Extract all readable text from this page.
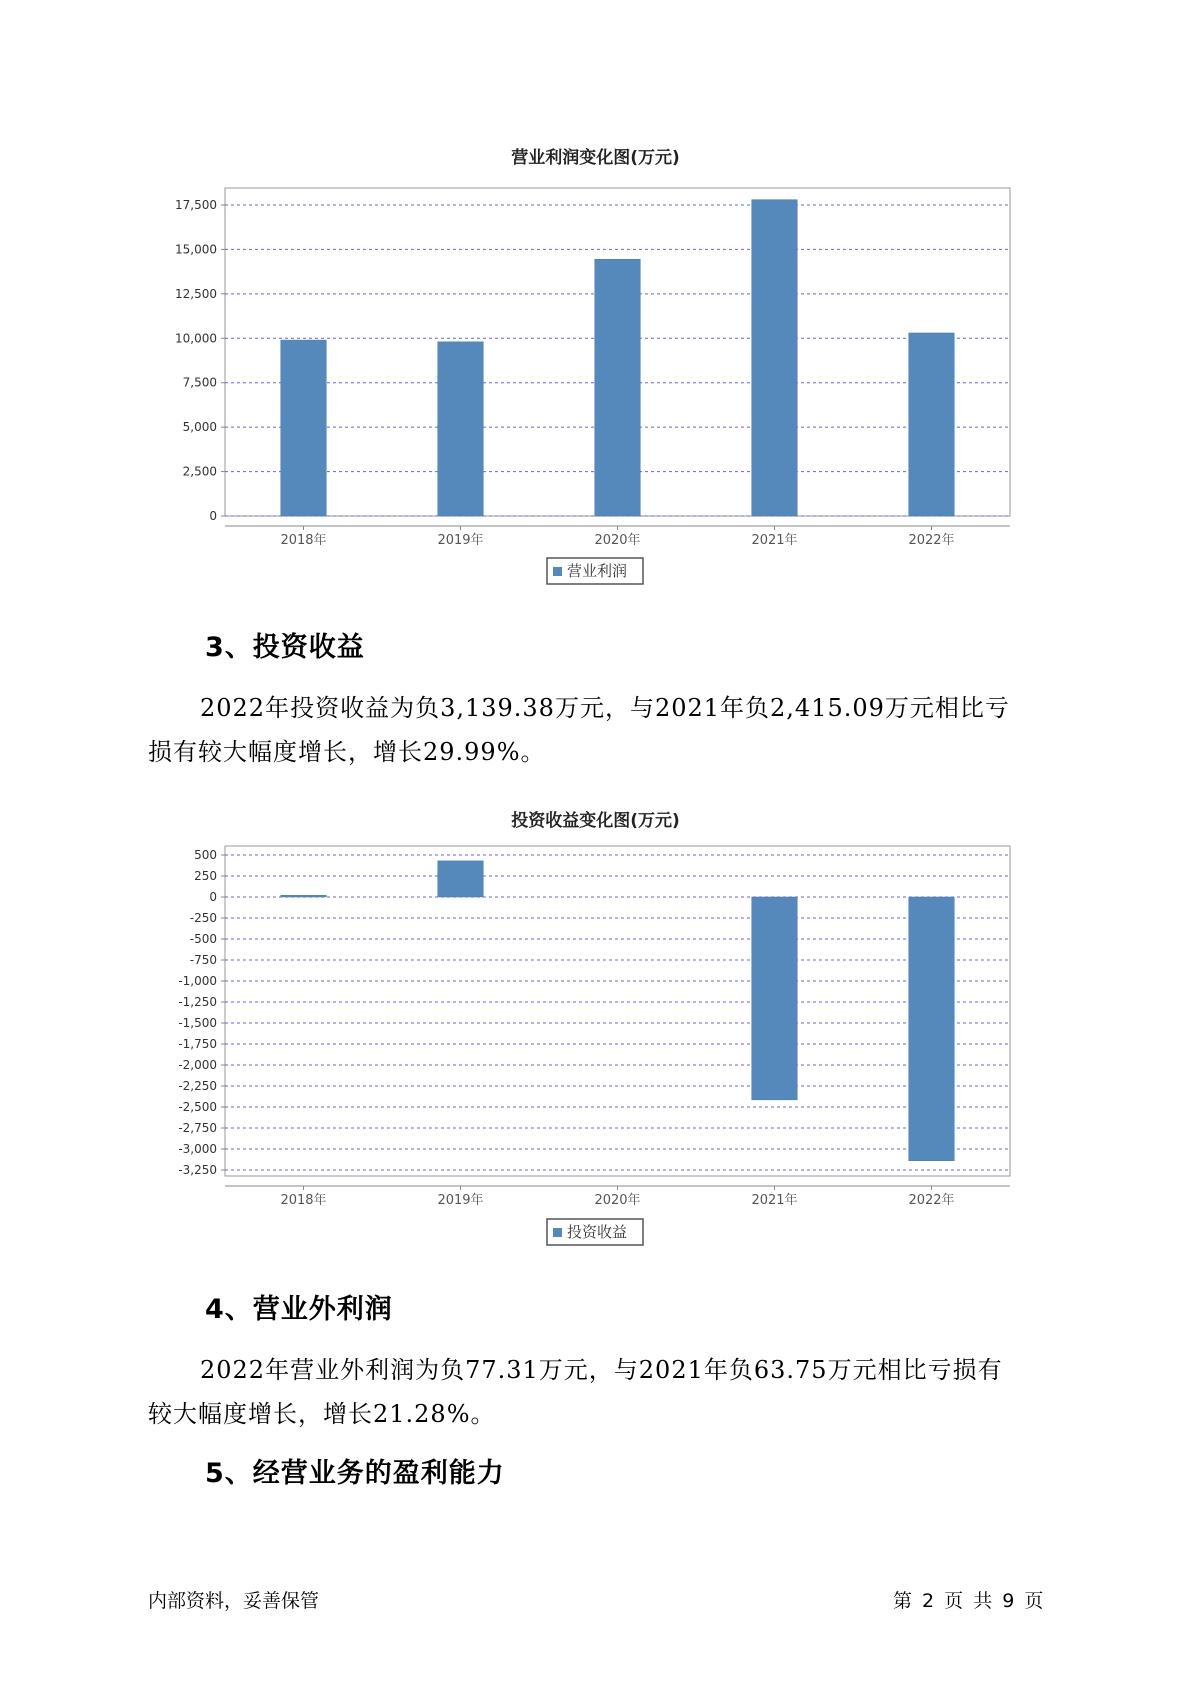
营业利润变化图(万元)
0
2,500
5,000
7,500
10,000
12,500
15,000
17,500
2018年	2019年	2020年	2021年	2022年
营业利润
3、投资收益
2022年投资收益为负3,139.38万元，与2021年负2,415.09万元相比亏
损有较大幅度增长，增长29.99%。
投资收益变化图(万元)
500
250
0
-250
-500
-750
-1,000
-1,250
-1,500
-1,750
-2,000
-2,250
-2,500
-2,750
-3,000
-3,250
2018年	2019年	2020年	2021年	2022年
投资收益
4、营业外利润
2022年营业外利润为负77.31万元，与2021年负63.75万元相比亏损有
较大幅度增长，增长21.28%。
5、经营业务的盈利能力
内部资料，妥善保管	第 2 页 共 9 页
